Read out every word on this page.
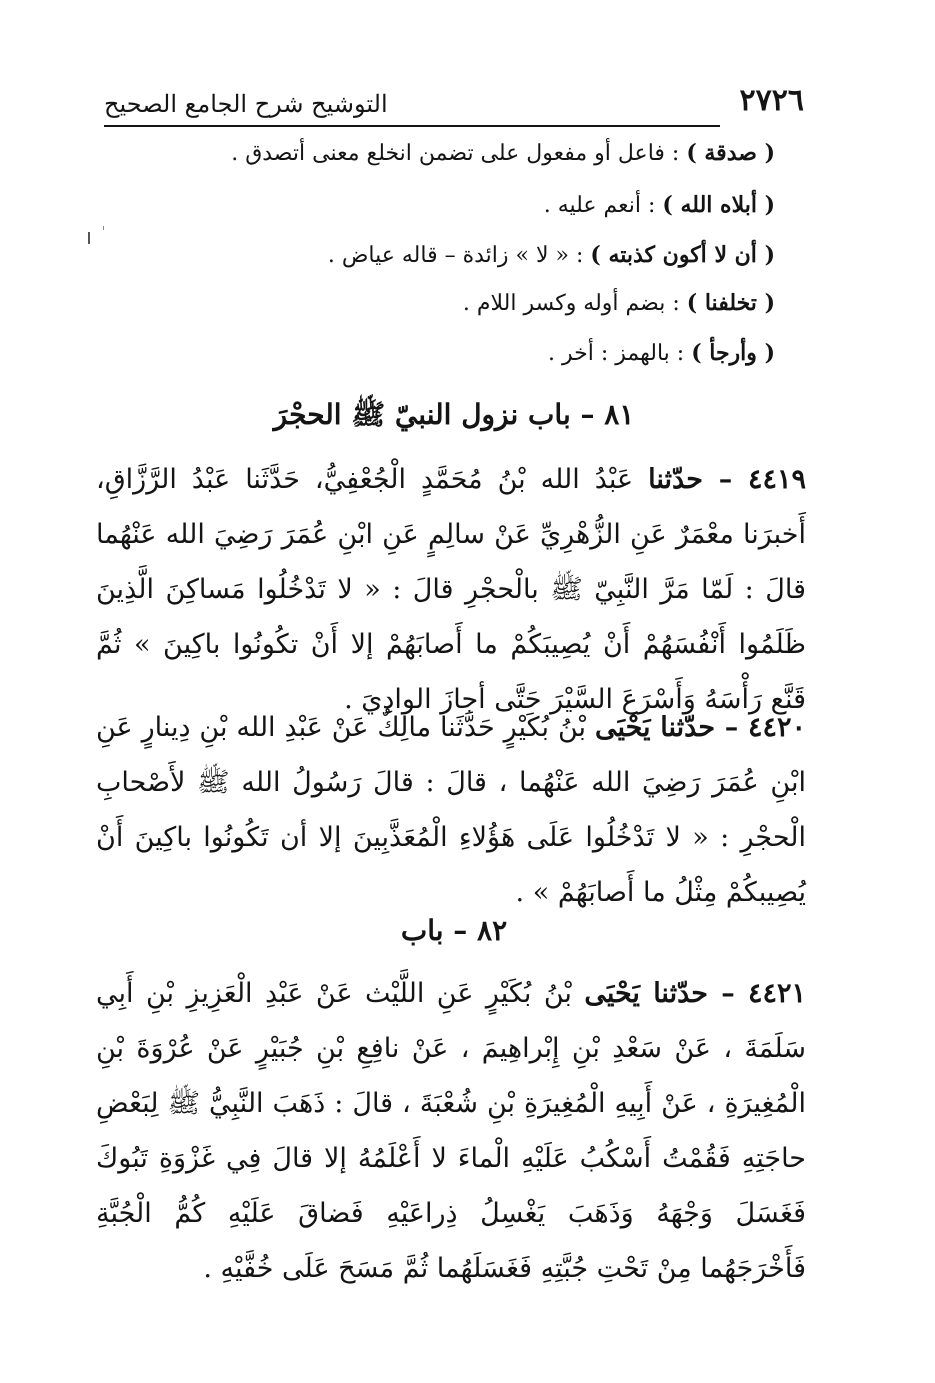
٢٧٢٦
التوشيح شرح الجامع الصحيح
( صدقة ) : فاعل أو مفعول على تضمن انخلع معنى أتصدق .
( أبلاه الله ) : أنعم عليه .
( أن لا أكون كذبته ) : « لا » زائدة – قاله عياض .
( تخلفنا ) : بضم أوله وكسر اللام .
( وأرجأ ) : بالهمز : أخر .
٨١ – باب نزول النبيّ ﷺ الحجْرَ
٤٤١٩ – حدّثنا عَبْدُ الله بْنُ مُحَمَّدٍ الْجُعْفِيُّ، حَدَّثَنا عَبْدُ الرَّزَّاقِ، أَخبرَنا معْمَرٌ عَنِ الزُّهْرِيِّ عَنْ سالِمٍ عَنِ ابْنِ عُمَرَ رَضِيَ الله عَنْهُما قالَ : لَمّا مَرَّ النَّبِيّ ﷺ بالْحجْرِ قالَ : « لا تَدْخُلُوا مَساكِنَ الَّذِينَ ظَلَمُوا أَنْفُسَهُمْ أَنْ يُصِيبَكُمْ ما أَصابَهُمْ إلا أَنْ تكُونُوا باكِينَ » ثُمَّ قَنَّع رَأْسَهُ وَأَسْرَعَ السَّيْرَ حَتَّى أجازَ الوادِيَ .
٤٤٢٠ – حدّثنا يَحْيَى بْنُ بُكَيْرٍ حَدَّثَنا مالِكٌ عَنْ عَبْدِ الله بْنِ دِينارٍ عَنِ ابْنِ عُمَرَ رَضِيَ الله عَنْهُما ، قالَ : قالَ رَسُولُ الله ﷺ لأَصْحابِ الْحجْرِ : « لا تَدْخُلُوا عَلَى هَؤُلاءِ الْمُعَذَّبِينَ إلا أن تَكُونُوا باكِينَ أَنْ يُصِيبكُمْ مِثْلُ ما أَصابَهُمْ » .
٨٢ – باب
٤٤٢١ – حدّثنا يَحْيَى بْنُ بُكَيْرٍ عَنِ اللَّيْث عَنْ عَبْدِ الْعَزِيزِ بْنِ أَبِي سَلَمَةَ ، عَنْ سَعْدِ بْنِ إِبْراهِيمَ ، عَنْ نافِعِ بْنِ جُبَيْرٍ عَنْ عُرْوَةَ بْنِ الْمُغِيرَةِ ، عَنْ أَبِيهِ الْمُغِيرَةِ بْنِ شُعْبَةَ ، قالَ : ذَهَبَ النَّبِيُّ ﷺ لِبَعْضِ حاجَتِهِ فَقُمْتُ أَسْكُبُ عَلَيْهِ الْماءَ لا أَعْلَمُهُ إلا قالَ فِي غَزْوَةِ تَبُوكَ فَغَسَلَ وَجْهَهُ وَذَهَبَ يَغْسِلُ ذِراعَيْهِ فَضاقَ عَلَيْهِ كُمُّ الْجُبَّةِ فَأَخْرَجَهُما مِنْ تَحْتِ جُبَّتِهِ فَغَسَلَهُما ثُمَّ مَسَحَ عَلَى خُفَّيْهِ .
